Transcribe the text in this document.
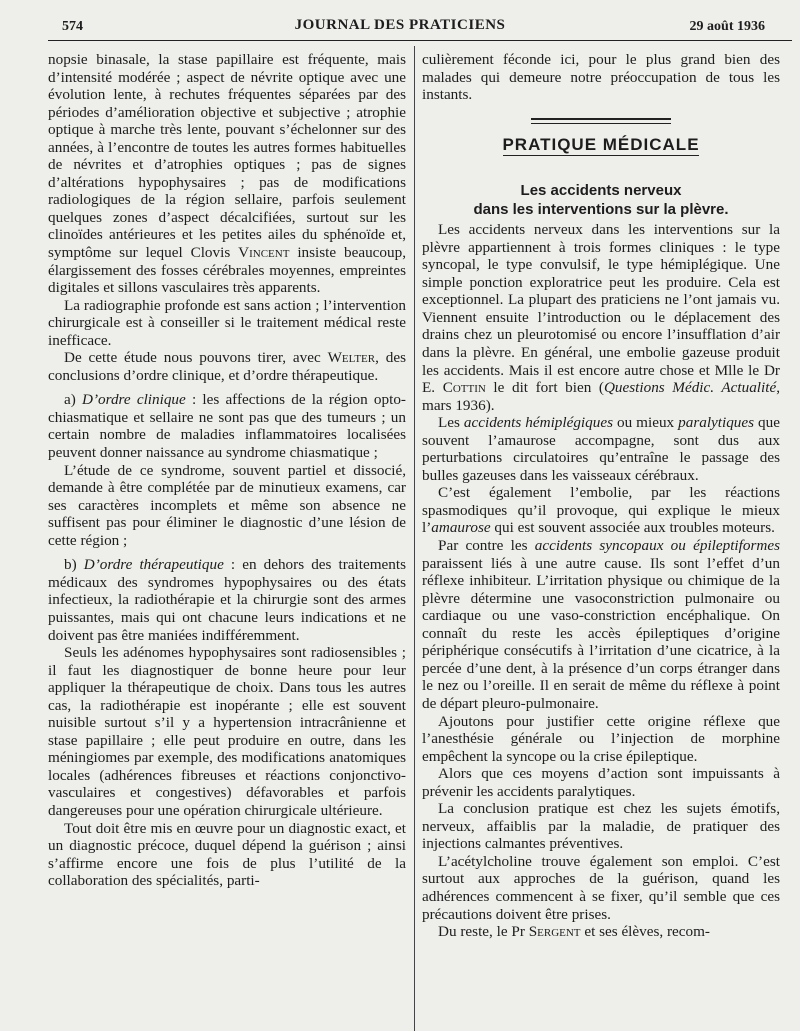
574	JOURNAL DES PRATICIENS	29 août 1936

nopsie binasale, la stase papillaire est fréquente, mais d’intensité modérée ; aspect de névrite optique avec une évolution lente, à rechutes fréquentes séparées par des périodes d’amélioration objective et subjective ; atrophie optique à marche très lente, pouvant s’échelonner sur des années, à l’encontre de toutes les autres formes habituelles de névrites et d’atrophies optiques ; pas de signes d’altérations hypophysaires ; pas de modifications radiologiques de la région sellaire, parfois seulement quelques zones d’aspect décalcifiées, surtout sur les clinoïdes antérieures et les petites ailes du sphénoïde et, symptôme sur lequel Clovis Vincent insiste beaucoup, élargissement des fosses cérébrales moyennes, empreintes digitales et sillons vasculaires très apparents.

La radiographie profonde est sans action ; l’intervention chirurgicale est à conseiller si le traitement médical reste inefficace.

De cette étude nous pouvons tirer, avec Welter, des conclusions d’ordre clinique, et d’ordre thérapeutique.

a) D’ordre clinique : les affections de la région opto-chiasmatique et sellaire ne sont pas que des tumeurs ; un certain nombre de maladies inflammatoires localisées peuvent donner naissance au syndrome chiasmatique ;

L’étude de ce syndrome, souvent partiel et dissocié, demande à être complétée par de minutieux examens, car ses caractères incomplets et même son absence ne suffisent pas pour éliminer le diagnostic d’une lésion de cette région ;

b) D’ordre thérapeutique : en dehors des traitements médicaux des syndromes hypophysaires ou des états infectieux, la radiothérapie et la chirurgie sont des armes puissantes, mais qui ont chacune leurs indications et ne doivent pas être maniées indifféremment.

Seuls les adénomes hypophysaires sont radiosensibles ; il faut les diagnostiquer de bonne heure pour leur appliquer la thérapeutique de choix. Dans tous les autres cas, la radiothérapie est inopérante ; elle est souvent nuisible surtout s’il y a hypertension intracrânienne et stase papillaire ; elle peut produire en outre, dans les méningiomes par exemple, des modifications anatomiques locales (adhérences fibreuses et réactions conjonctivo-vasculaires et congestives) défavorables et parfois dangereuses pour une opération chirurgicale ultérieure.

Tout doit être mis en œuvre pour un diagnostic exact, et un diagnostic précoce, duquel dépend la guérison ; ainsi s’affirme encore une fois de plus l’utilité de la collaboration des spécialités, parti-

culièrement féconde ici, pour le plus grand bien des malades qui demeure notre préoccupation de tous les instants.

PRATIQUE MÉDICALE
Les accidents nerveux
dans les interventions sur la plèvre.

Les accidents nerveux dans les interventions sur la plèvre appartiennent à trois formes cliniques : le type syncopal, le type convulsif, le type hémiplégique. Une simple ponction exploratrice peut les produire. Cela est exceptionnel. La plupart des praticiens ne l’ont jamais vu. Viennent ensuite l’introduction ou le déplacement des drains chez un pleurotomisé ou encore l’insufflation d’air dans la plèvre. En général, une embolie gazeuse produit les accidents. Mais il est encore autre chose et Mlle le Dr E. Cottin le dit fort bien (Questions Médic. Actualité, mars 1936).

Les accidents hémiplégiques ou mieux paralytiques que souvent l’amaurose accompagne, sont dus aux perturbations circulatoires qu’entraîne le passage des bulles gazeuses dans les vaisseaux cérébraux.

C’est également l’embolie, par les réactions spasmodiques qu’il provoque, qui explique le mieux l’amaurose qui est souvent associée aux troubles moteurs.

Par contre les accidents syncopaux ou épileptiformes paraissent liés à une autre cause. Ils sont l’effet d’un réflexe inhibiteur. L’irritation physique ou chimique de la plèvre détermine une vasoconstriction pulmonaire ou cardiaque ou une vaso-constriction encéphalique. On connaît du reste les accès épileptiques d’origine périphérique consécutifs à l’irritation d’une cicatrice, à la percée d’une dent, à la présence d’un corps étranger dans le nez ou l’oreille. Il en serait de même du réflexe à point de départ pleuro-pulmonaire.

Ajoutons pour justifier cette origine réflexe que l’anesthésie générale ou l’injection de morphine empêchent la syncope ou la crise épileptique.

Alors que ces moyens d’action sont impuissants à prévenir les accidents paralytiques.

La conclusion pratique est chez les sujets émotifs, nerveux, affaiblis par la maladie, de pratiquer des injections calmantes préventives.

L’acétylcholine trouve également son emploi. C’est surtout aux approches de la guérison, quand les adhérences commencent à se fixer, qu’il semble que ces précautions doivent être prises.

Du reste, le Pr Sergent et ses élèves, recom-
